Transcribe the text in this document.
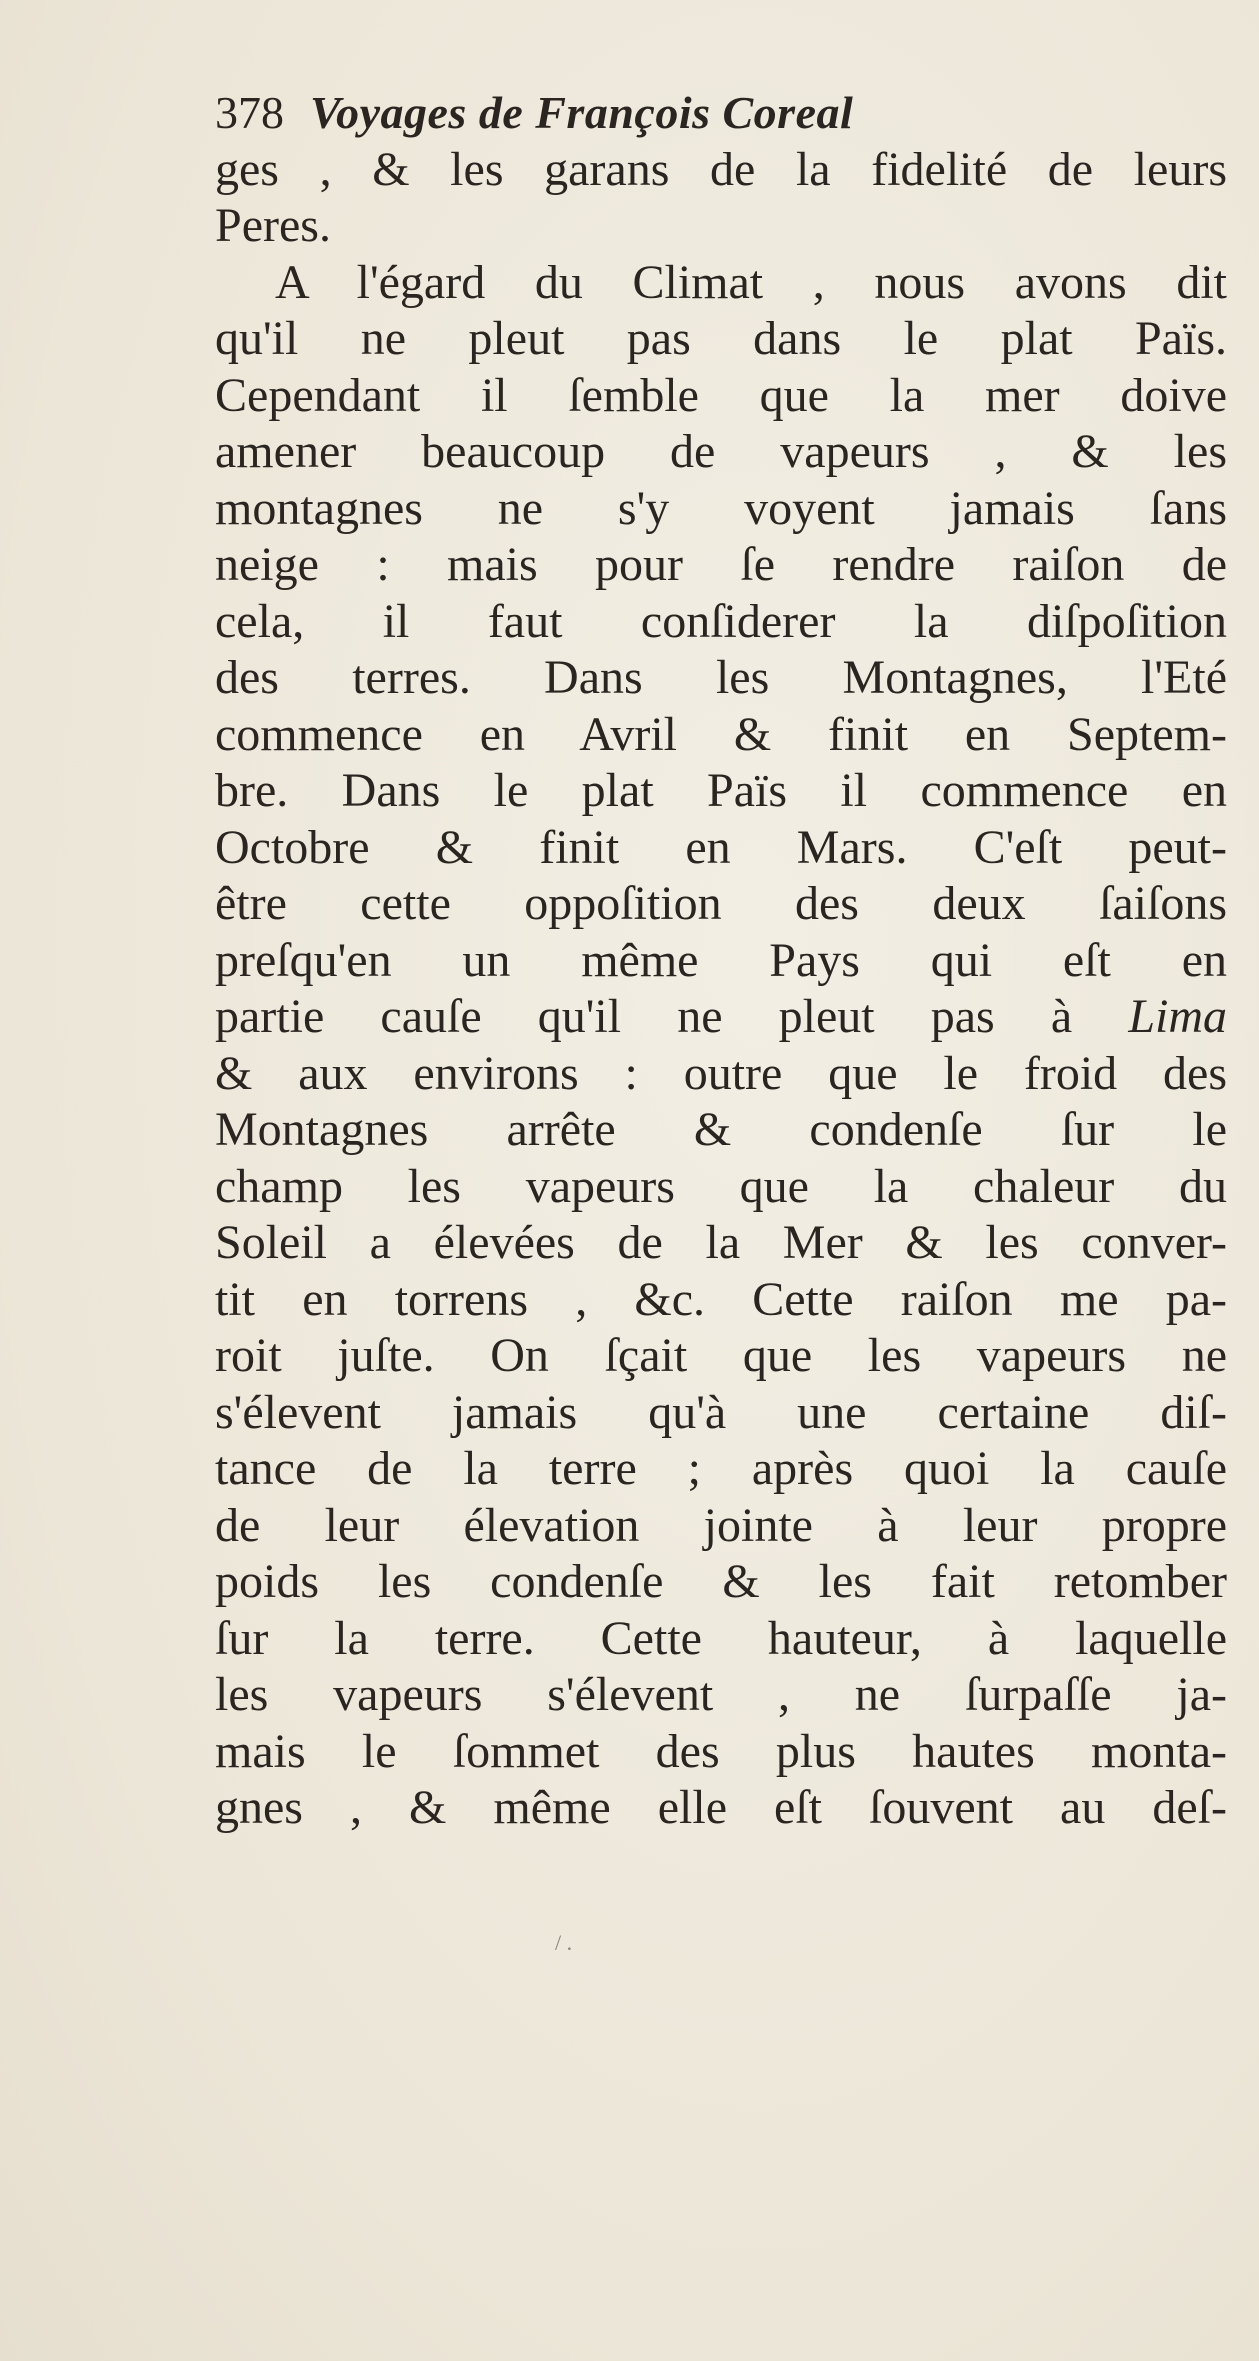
378 Voyages de François Coreal
ges , & les garans de la fidelité de leurs
Peres.
A l'égard du Climat , nous avons dit
qu'il ne pleut pas dans le plat Païs.
Cependant il ſemble que la mer doive
amener beaucoup de vapeurs , & les
montagnes ne s'y voyent jamais ſans
neige : mais pour ſe rendre raiſon de
cela, il faut conſiderer la diſpoſition
des terres. Dans les Montagnes, l'Eté
commence en Avril & finit en Septem-
bre. Dans le plat Païs il commence en
Octobre & finit en Mars. C'eſt peut-
être cette oppoſition des deux ſaiſons
preſqu'en un même Pays qui eſt en
partie cauſe qu'il ne pleut pas à Lima
& aux environs : outre que le froid des
Montagnes arrête & condenſe ſur le
champ les vapeurs que la chaleur du
Soleil a élevées de la Mer & les conver-
tit en torrens , &c. Cette raiſon me pa-
roit juſte. On ſçait que les vapeurs ne
s'élevent jamais qu'à une certaine diſ-
tance de la terre ; après quoi la cauſe
de leur élevation jointe à leur propre
poids les condenſe & les fait retomber
ſur la terre. Cette hauteur, à laquelle
les vapeurs s'élevent , ne ſurpaſſe ja-
mais le ſommet des plus hautes monta-
gnes , & même elle eſt ſouvent au deſ-
/ .
